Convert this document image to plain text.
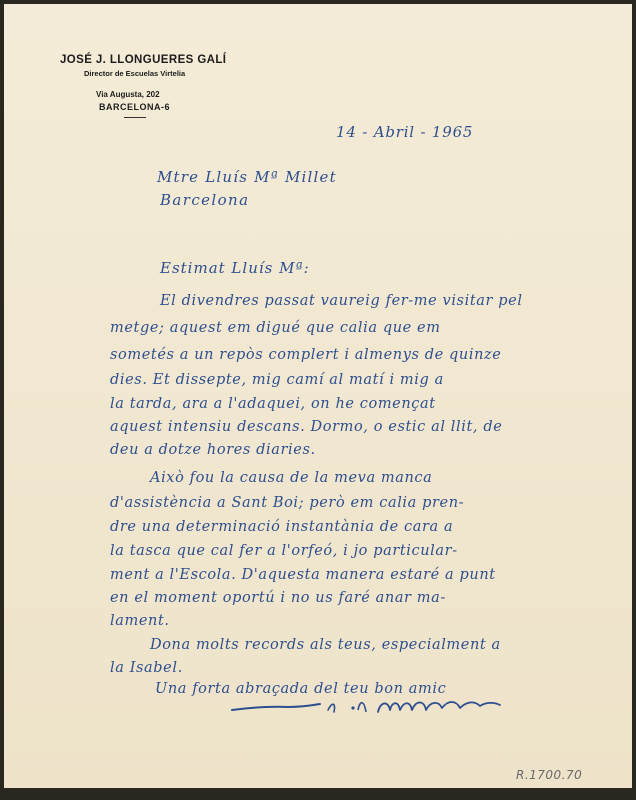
JOSÉ J. LLONGUERES GALÍ
Director de Escuelas Virtelia
Via Augusta, 202
BARCELONA-6
14 - Abril - 1965
Mtre Lluís Mª Millet
Barcelona
Estimat Lluís Mª:
El divendres passat vaureig fer-me visitar pel
metge; aquest em digué que calia que em
sometés a un repòs complert i almenys de quinze
dies. Et dissepte, mig camí al matí i mig a
la tarda, ara a l'adaquei, on he començat
aquest intensiu descans. Dormo, o estic al llit, de
deu a dotze hores diaries.
Això fou la causa de la meva manca
d'assistència a Sant Boi; però em calia pren-
dre una determinació instantània de cara a
la tasca que cal fer a l'orfeó, i jo particular-
ment a l'Escola. D'aquesta manera estaré a punt
en el moment oportú i no us faré anar ma-
lament.
Dona molts records als teus, especialment a
la Isabel.
Una forta abraçada del teu bon amic
R.1700.70
